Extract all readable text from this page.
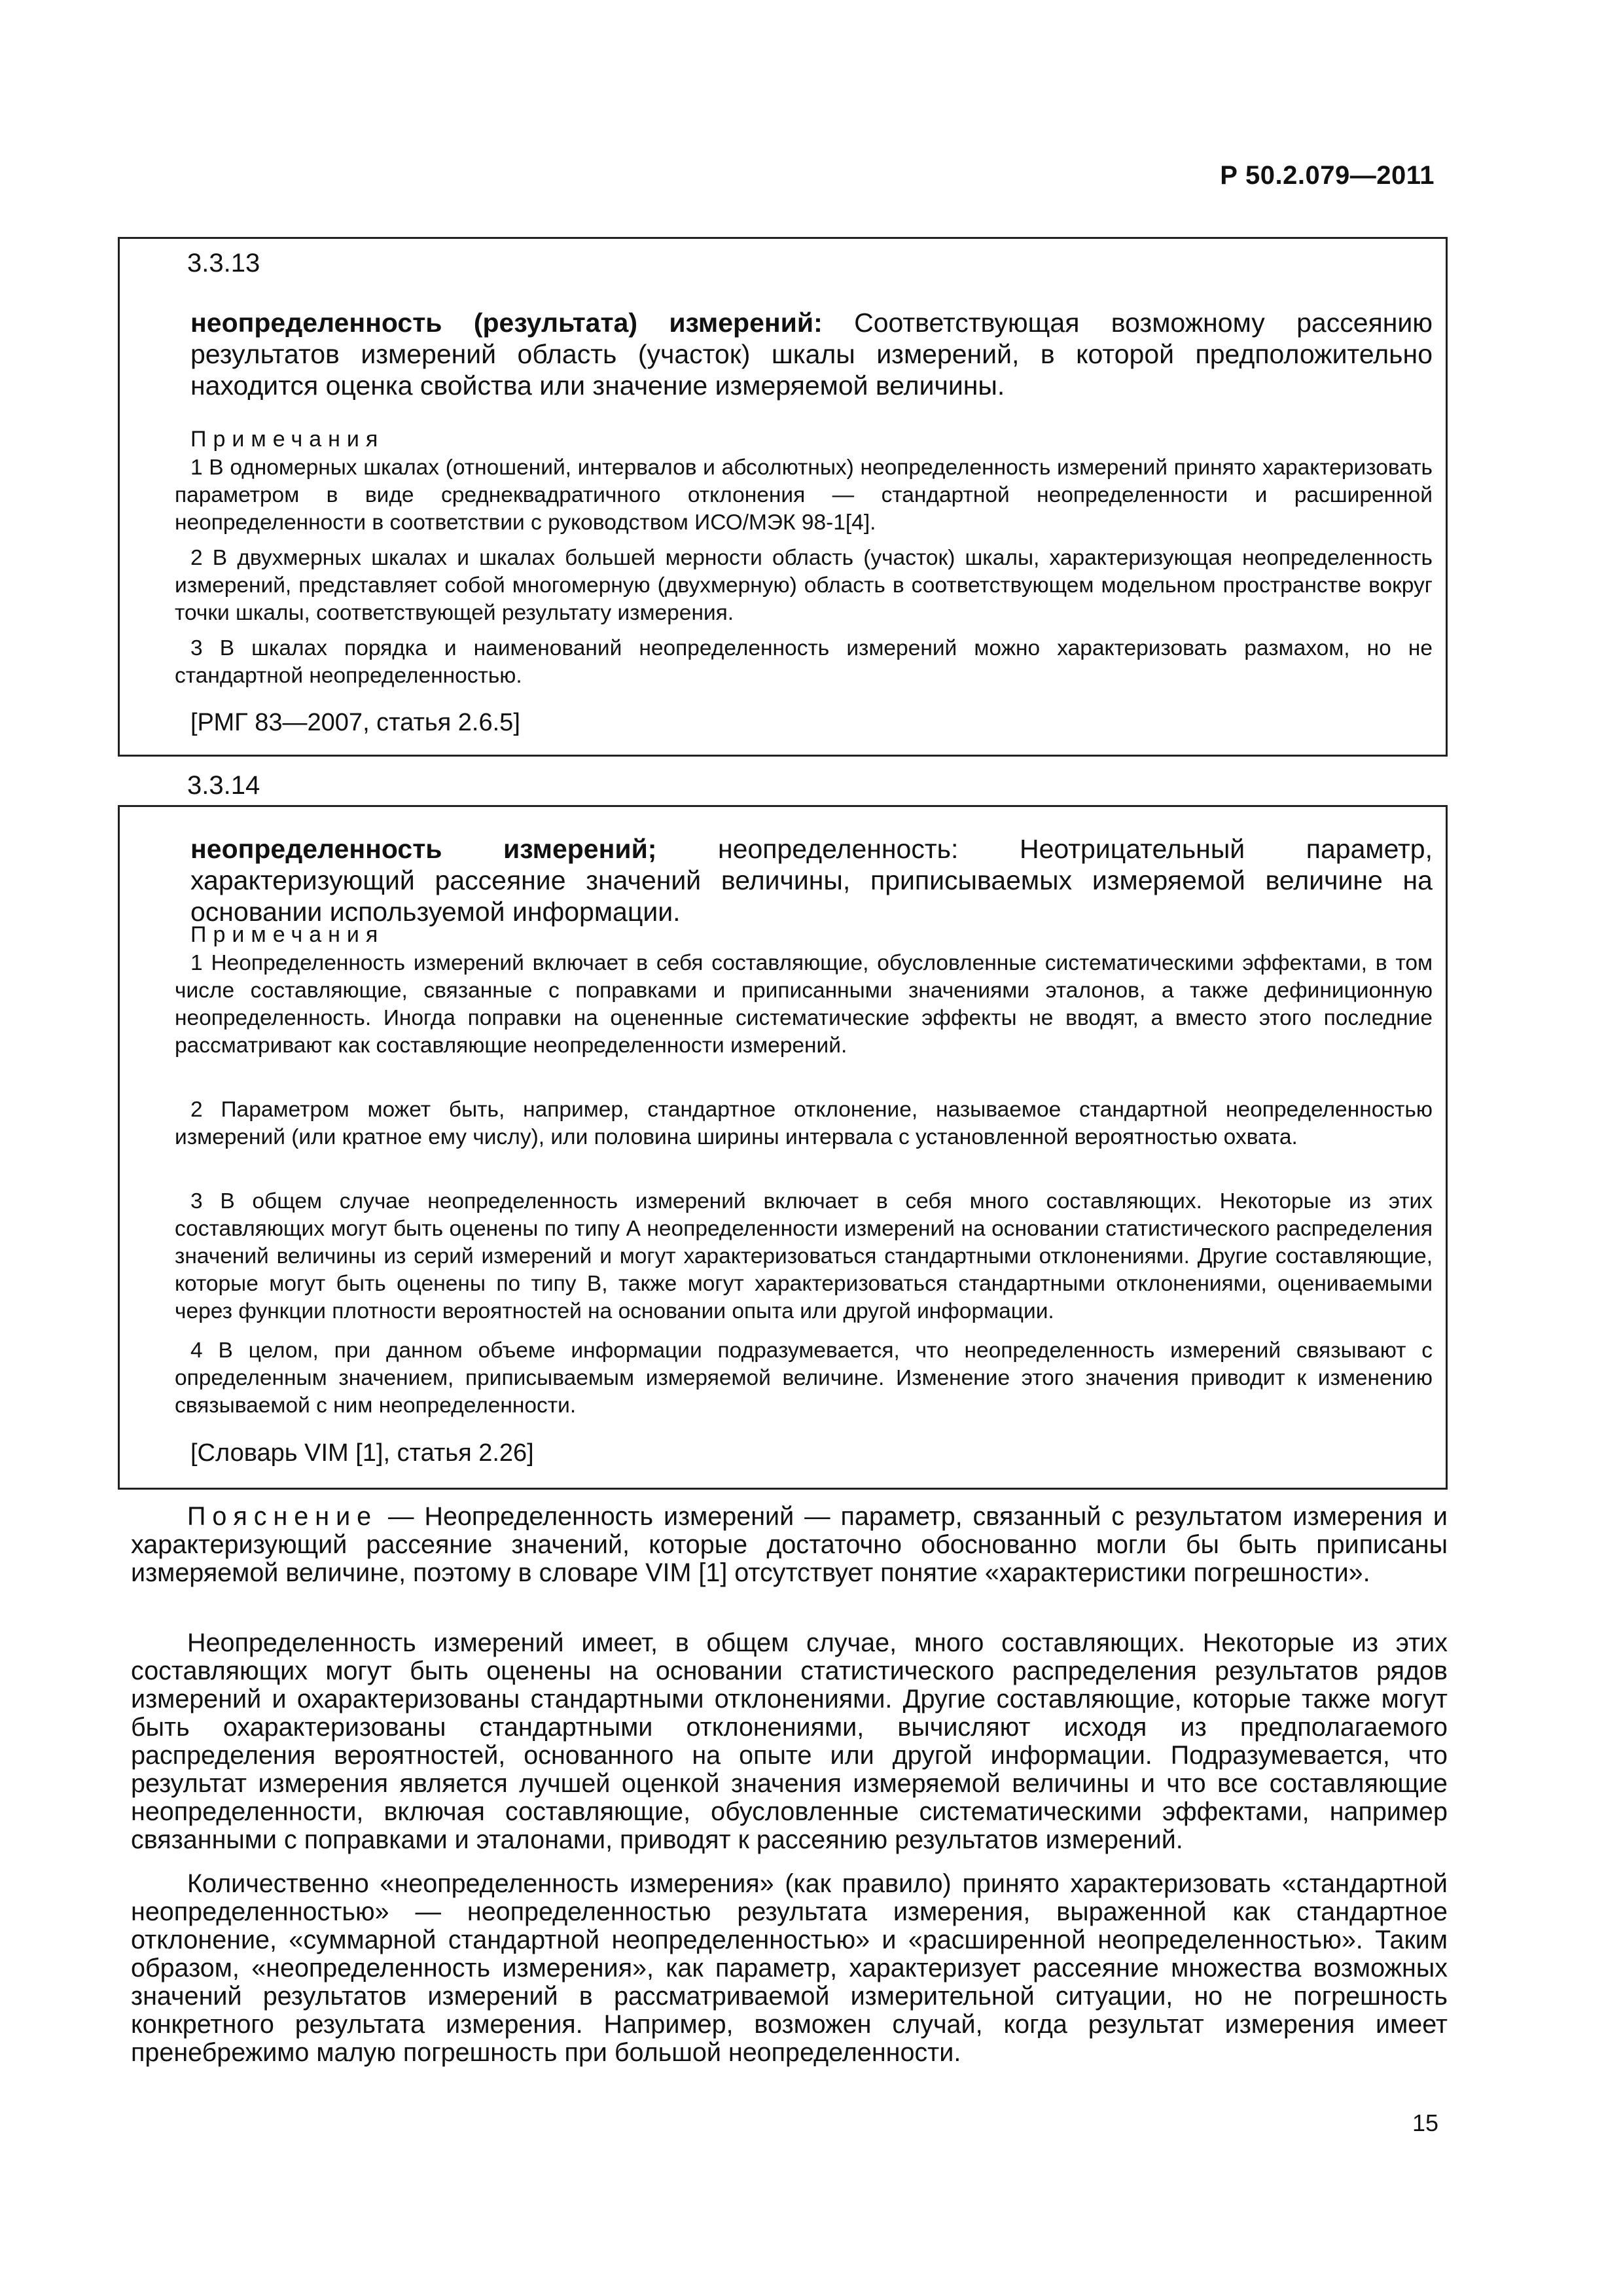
Р 50.2.079—2011
3.3.13

неопределенность (результата) измерений: Соответствующая возможному рассеянию результатов измерений область (участок) шкалы измерений, в которой предположительно находится оценка свойства или значение измеряемой величины.

Примечания

1 В одномерных шкалах (отношений, интервалов и абсолютных) неопределенность измерений принято характеризовать параметром в виде среднеквадратичного отклонения — стандартной неопределенности и расширенной неопределенности в соответствии с руководством ИСО/МЭК 98-1[4].

2 В двухмерных шкалах и шкалах большей мерности область (участок) шкалы, характеризующая неопределенность измерений, представляет собой многомерную (двухмерную) область в соответствующем модельном пространстве вокруг точки шкалы, соответствующей результату измерения.

3 В шкалах порядка и наименований неопределенность измерений можно характеризовать размахом, но не стандартной неопределенностью.

[РМГ 83—2007, статья 2.6.5]
3.3.14

неопределенность измерений; неопределенность: Неотрицательный параметр, характеризующий рассеяние значений величины, приписываемых измеряемой величине на основании используемой информации.

Примечания

1 Неопределенность измерений включает в себя составляющие, обусловленные систематическими эффектами, в том числе составляющие, связанные с поправками и приписанными значениями эталонов, а также дефиниционную неопределенность. Иногда поправки на оцененные систематические эффекты не вводят, а вместо этого последние рассматривают как составляющие неопределенности измерений.

2 Параметром может быть, например, стандартное отклонение, называемое стандартной неопределенностью измерений (или кратное ему числу), или половина ширины интервала с установленной вероятностью охвата.

3 В общем случае неопределенность измерений включает в себя много составляющих. Некоторые из этих составляющих могут быть оценены по типу А неопределенности измерений на основании статистического распределения значений величины из серий измерений и могут характеризоваться стандартными отклонениями. Другие составляющие, которые могут быть оценены по типу В, также могут характеризоваться стандартными отклонениями, оцениваемыми через функции плотности вероятностей на основании опыта или другой информации.

4 В целом, при данном объеме информации подразумевается, что неопределенность измерений связывают с определенным значением, приписываемым измеряемой величине. Изменение этого значения приводит к изменению связываемой с ним неопределенности.

[Словарь VIM [1], статья 2.26]

Пояснение — Неопределенность измерений — параметр, связанный с результатом измерения и характеризующий рассеяние значений, которые достаточно обоснованно могли бы быть приписаны измеряемой величине, поэтому в словаре VIM [1] отсутствует понятие «характеристики погрешности».

Неопределенность измерений имеет, в общем случае, много составляющих. Некоторые из этих составляющих могут быть оценены на основании статистического распределения результатов рядов измерений и охарактеризованы стандартными отклонениями. Другие составляющие, которые также могут быть охарактеризованы стандартными отклонениями, вычисляют исходя из предполагаемого распределения вероятностей, основанного на опыте или другой информации. Подразумевается, что результат измерения является лучшей оценкой значения измеряемой величины и что все составляющие неопределенности, включая составляющие, обусловленные систематическими эффектами, например связанными с поправками и эталонами, приводят к рассеянию результатов измерений.

Количественно «неопределенность измерения» (как правило) принято характеризовать «стандартной неопределенностью» — неопределенностью результата измерения, выраженной как стандартное отклонение, «суммарной стандартной неопределенностью» и «расширенной неопределенностью». Таким образом, «неопределенность измерения», как параметр, характеризует рассеяние множества возможных значений результатов измерений в рассматриваемой измерительной ситуации, но не погрешность конкретного результата измерения. Например, возможен случай, когда результат измерения имеет пренебрежимо малую погрешность при большой неопределенности.

15
